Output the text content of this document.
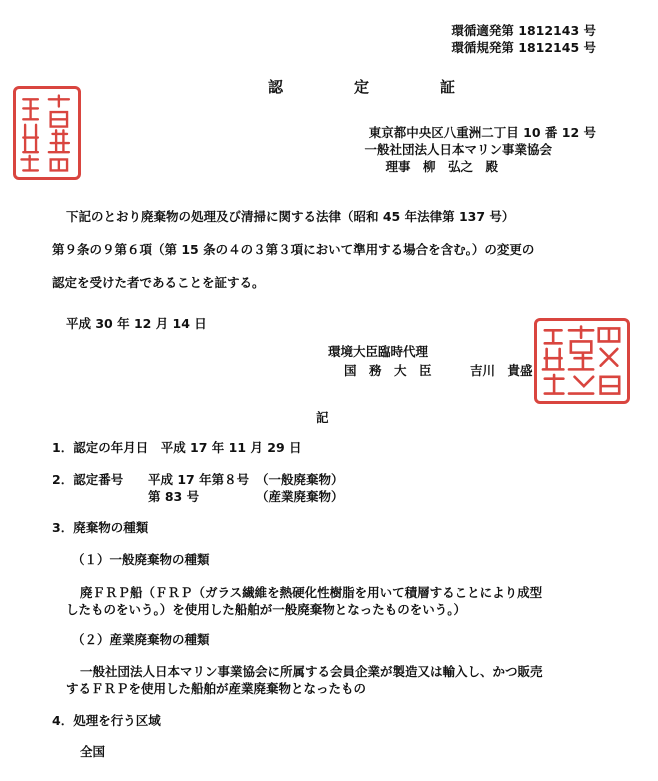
環循適発第 1812143 号
環循規発第 1812145 号
認　定　証
東京都中央区八重洲二丁目 10 番 12 号
一般社団法人日本マリン事業協会
理事　柳　弘之　殿
下記のとおり廃棄物の処理及び清掃に関する法律（昭和 45 年法律第 137 号）
第９条の９第６項（第 15 条の４の３第３項において準用する場合を含む。）の変更の
認定を受けた者であることを証する。
平成 30 年 12 月 14 日
環境大臣臨時代理
国　務　大　臣	吉川　貴盛
記
1．認定の年月日　平成 17 年 11 月 29 日
2．認定番号 平成 17 年第８号 （一般廃棄物）
第 83 号	（産業廃棄物）
3．廃棄物の種類
（１）一般廃棄物の種類
廃ＦＲＰ船（ＦＲＰ（ガラス繊維を熱硬化性樹脂を用いて積層することにより成型
したものをいう。）を使用した船舶が一般廃棄物となったものをいう。）
（２）産業廃棄物の種類
一般社団法人日本マリン事業協会に所属する会員企業が製造又は輸入し、かつ販売
するＦＲＰを使用した船舶が産業廃棄物となったもの
4．処理を行う区域
全国
